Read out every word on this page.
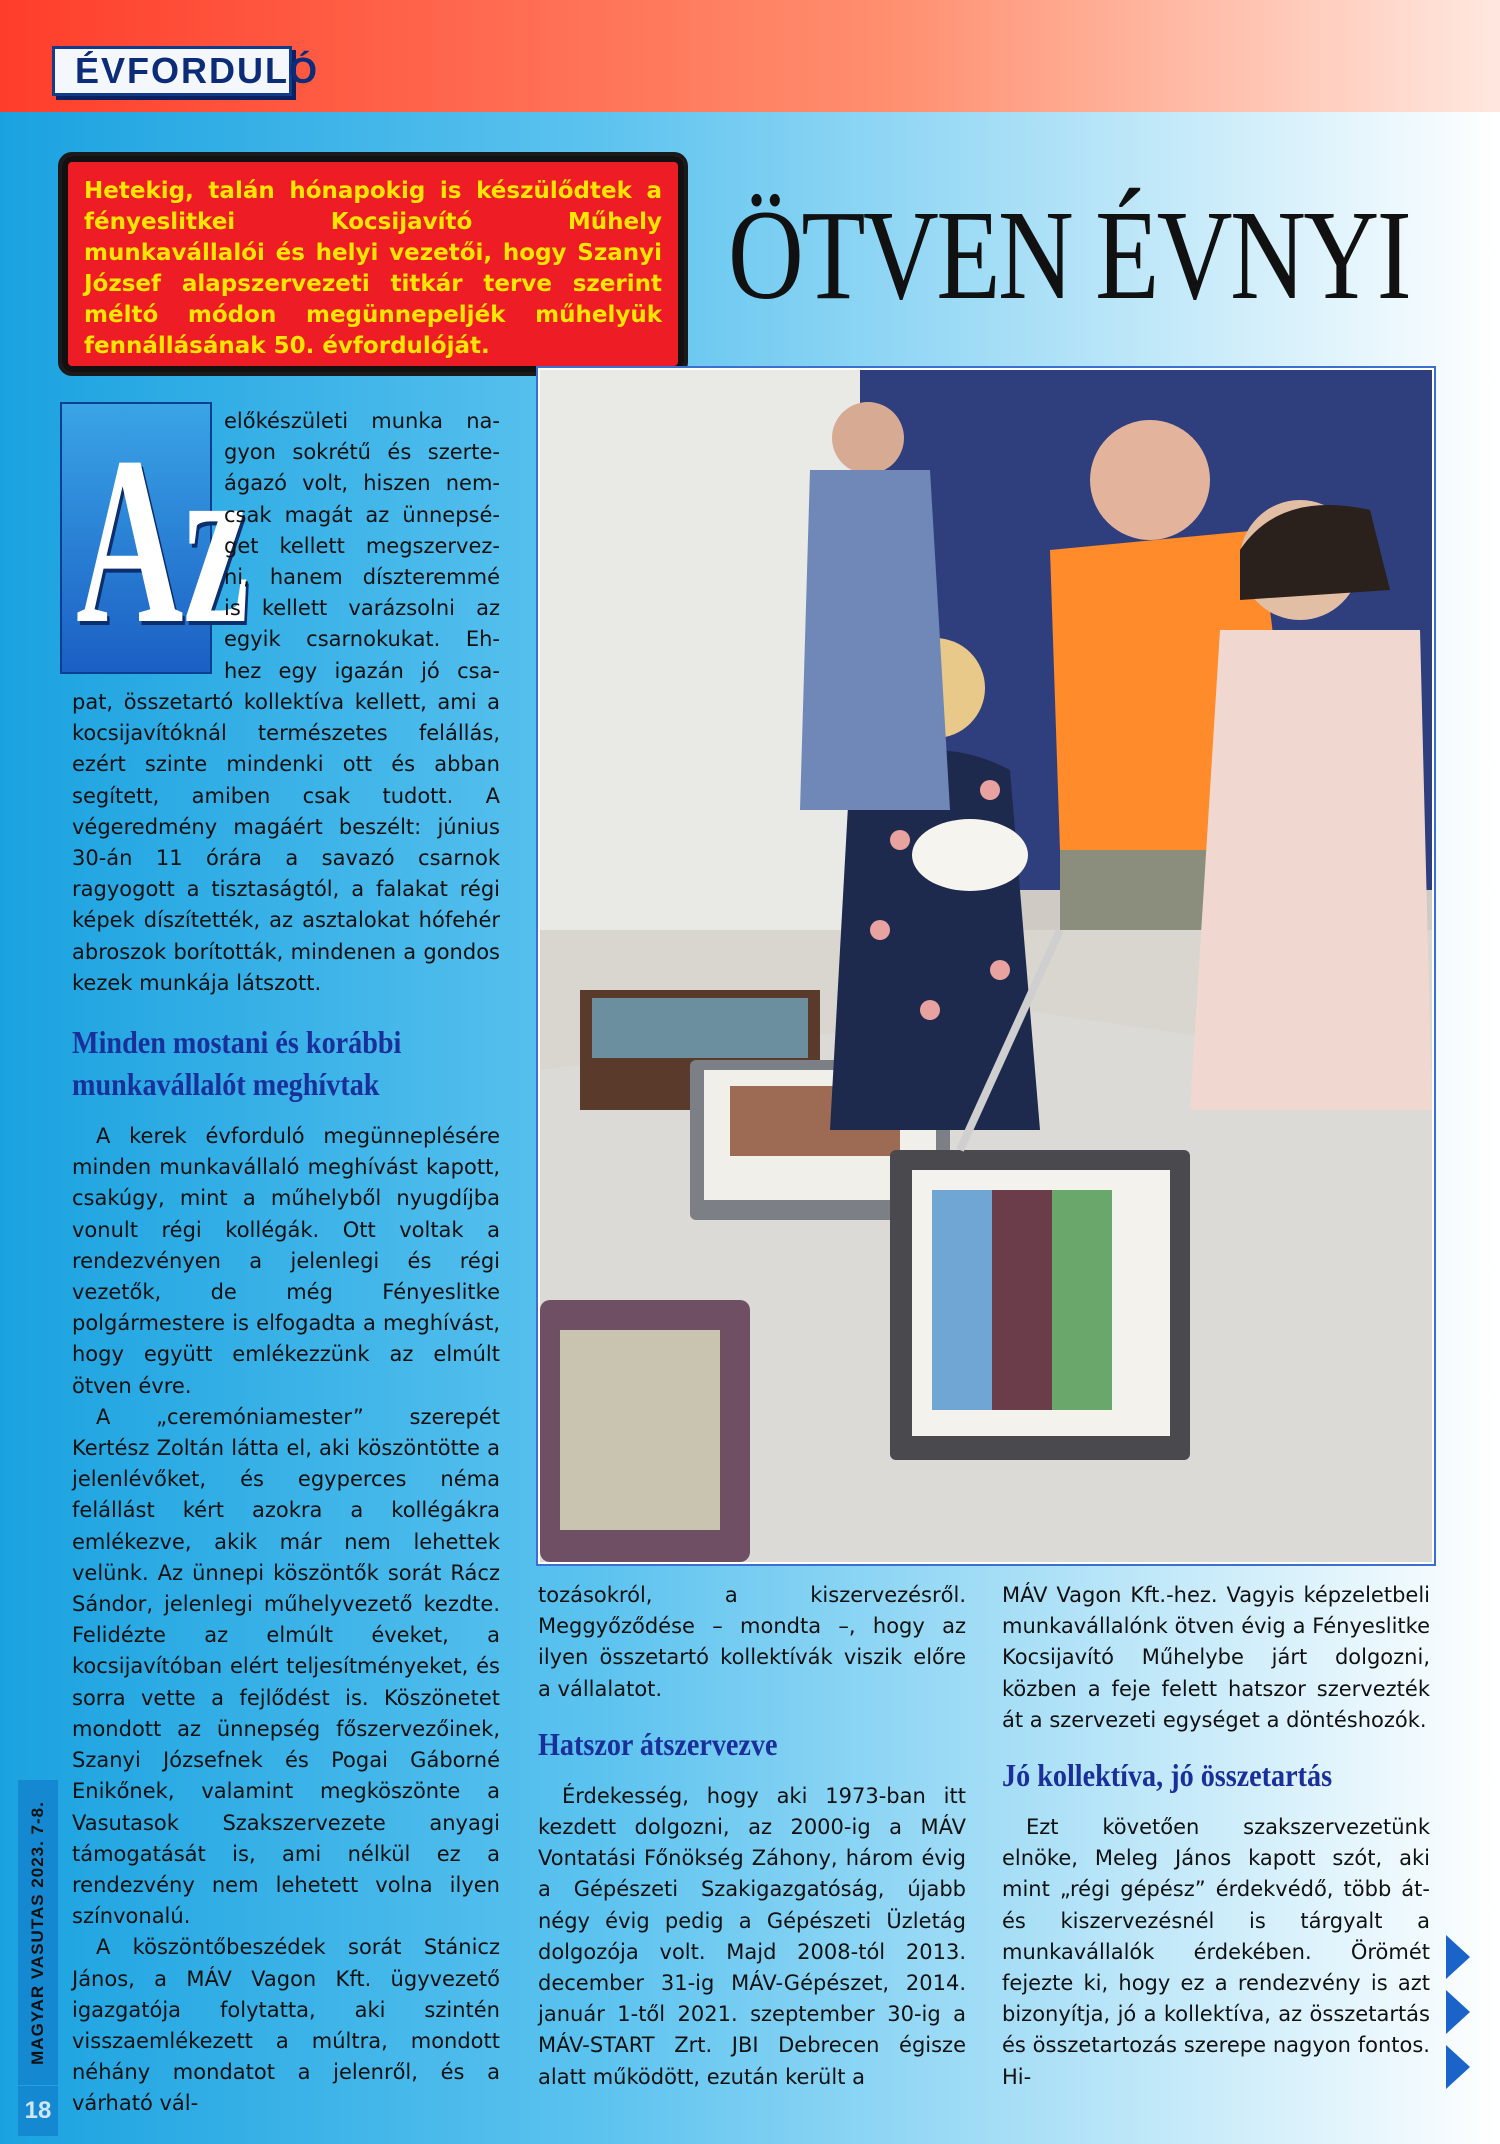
ÉVFORDULÓ

Hetekig, talán hónapokig is készülődtek a fényeslitkei Kocsijavító Műhely munkavállalói és helyi vezetői, hogy Szanyi József alapszervezeti titkár terve szerint méltó módon megünnepeljék műhelyük fennállásának 50. évfordulóját.

ÖTVEN ÉVNYI
Az
előkészületi munka na-
gyon sokrétű és szerte-
ágazó volt, hiszen nem-
csak magát az ünnepsé-
get kellett megszervez-
ni, hanem díszteremmé
is kellett varázsolni az
egyik csarnokukat. Eh-
hez egy igazán jó csa-

pat, összetartó kollektíva kellett, ami a kocsijavítóknál természetes felállás, ezért szinte mindenki ott és abban segített, amiben csak tudott. A végeredmény magáért beszélt: június 30-án 11 órára a savazó csarnok ragyogott a tisztaságtól, a falakat régi képek díszítették, az asztalokat hófehér abroszok borították, mindenen a gondos kezek munkája látszott.

Minden mostani és korábbi
munkavállalót meghívtak

A kerek évforduló megünneplésére minden munkavállaló meghívást kapott, csakúgy, mint a műhelyből nyugdíjba vonult régi kollégák. Ott voltak a rendezvényen a jelenlegi és régi vezetők, de még Fényeslitke polgármestere is elfogadta a meghívást, hogy együtt emlékezzünk az elmúlt ötven évre.

A „ceremóniamester” szerepét Kertész Zoltán látta el, aki köszöntötte a jelenlévőket, és egyperces néma felállást kért azokra a kollégákra emlékezve, akik már nem lehettek velünk. Az ünnepi köszöntők sorát Rácz Sándor, jelenlegi műhelyvezető kezdte. Felidézte az elmúlt éveket, a kocsijavítóban elért teljesítményeket, és sorra vette a fejlődést is. Köszönetet mondott az ünnepség főszervezőinek, Szanyi Józsefnek és Pogai Gáborné Enikőnek, valamint megköszönte a Vasutasok Szakszervezete anyagi támogatását is, ami nélkül ez a rendezvény nem lehetett volna ilyen színvonalú.

A köszöntőbeszédek sorát Stánicz János, a MÁV Vagon Kft. ügyvezető igazgatója folytatta, aki szintén visszaemlékezett a múltra, mondott néhány mondatot a jelenről, és a várható vál-

tozásokról, a kiszervezésről. Meggyőződése – mondta –, hogy az ilyen összetartó kollektívák viszik előre a vállalatot.

Hatszor átszervezve

Érdekesség, hogy aki 1973-ban itt kezdett dolgozni, az 2000-ig a MÁV Vontatási Főnökség Záhony, három évig a Gépészeti Szakigazgatóság, újabb négy évig pedig a Gépészeti Üzletág dolgozója volt. Majd 2008-tól 2013. december 31-ig MÁV-Gépészet, 2014. január 1-től 2021. szeptember 30-ig a MÁV-START Zrt. JBI Debrecen égisze alatt működött, ezután került a

MÁV Vagon Kft.-hez. Vagyis képzeletbeli munkavállalónk ötven évig a Fényeslitke Kocsijavító Műhelybe járt dolgozni, közben a feje felett hatszor szervezték át a szervezeti egységet a döntéshozók.

Jó kollektíva, jó összetartás

Ezt követően szakszervezetünk elnöke, Meleg János kapott szót, aki mint „régi gépész” érdekvédő, több át- és kiszervezésnél is tárgyalt a munkavállalók érdekében. Örömét fejezte ki, hogy ez a rendezvény is azt bizonyítja, jó a kollektíva, az összetartás és összetartozás szerepe nagyon fontos. Hi-

MAGYAR VASUTAS 2023. 7-8.
18
